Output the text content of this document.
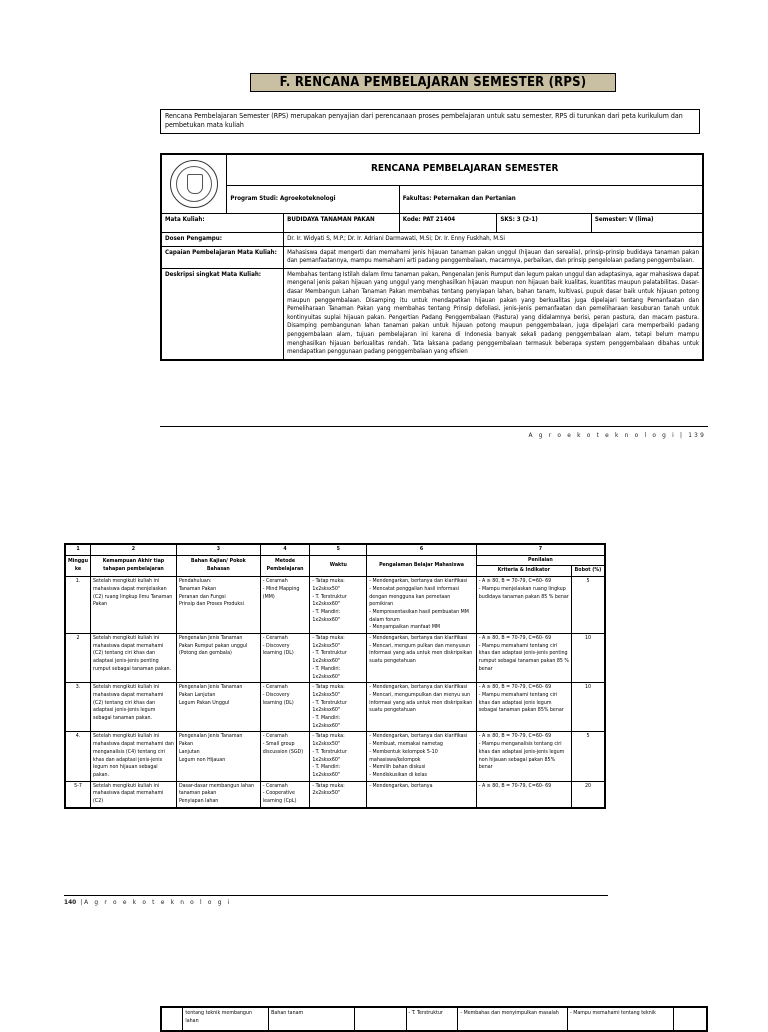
F. RENCANA PEMBELAJARAN SEMESTER (RPS)
Rencana Pembelajaran Semester (RPS) merupakan penyajian dari perencanaan proses pembelajaran untuk satu semester. RPS di turunkan dari peta kurikulum dan pembetukan mata kuliah
	RENCANA PEMBELAJARAN SEMESTER				
	Program Studi: Agroekoteknologi		Fakultas: Peternakan dan Pertanian		
Mata Kuliah:		BUDIDAYA TANAMAN PAKAN	Kode: PAT 21404	SKS: 3 (2-1)	Semester: V (lima)
Dosen Pengampu:		Dr. Ir. Widyati S, M.P.; Dr. Ir. Adriani Darmawati, M.Si; Dr. Ir. Enny Fuskhah, M.Si			
Capaian Pembelajaran Mata Kuliah:		Mahasiswa dapat mengerti dan memahami jenis hijauan tanaman pakan unggul (hijauan dan serealia), prinsip-prinsip budidaya tanaman pakan dan pemanfaatannya, mampu memahami arti padang penggembalaan, macamnya, perbaikan, dan prinsip pengelolaan padang penggembalaan.			
Deskripsi singkat Mata Kuliah:		Membahas tentang Istilah dalam Ilmu tanaman pakan, Pengenalan Jenis Rumput dan legum pakan unggul dan adaptasinya, agar mahasiswa dapat mengenal jenis pakan hijauan yang unggul yang menghasilkan hijauan maupun non hijauan baik kualitas, kuantitas maupun palatabilitas. Dasar-dasar Membangun Lahan Tanaman Pakan membahas tentang penyiapan lahan, bahan tanam, kultivasi, pupuk dasar baik untuk hijauan potong maupun penggembalaan. Disamping itu untuk mendapatkan hijauan pakan yang berkualitas juga dipelajari tentang Pemanfaatan dan Pemeliharaan Tanaman Pakan yang membahas tentang Prinsip defoliasi, jenis-jenis pemanfaatan dan pemeliharaan kesuburan tanah untuk kontinyuitas suplai hijauan pakan. Pengertian Padang Penggembalaan (Pastura) yang didalamnya berisi, peran pastura, dan macam pastura. Disamping pembangunan lahan tanaman pakan untuk hijauan potong maupun penggembalaan, juga dipelajari cara memperbaiki padang penggembalaan alam, tujuan pembelajaran ini karena di Indonesia banyak sekali padang penggembalaan alam, tetapi belum mampu menghasilkan hijauan berkualitas rendah. Tata laksana padang penggembalaan termasuk beberapa system penggembalaan dibahas untuk mendapatkan penggunaan padang penggembalaan yang efisien			
A g r o e k o t e k n o l o g i | 139
1	2	3	4	5	6	7	
Minggu ke	Kemampuan Akhir tiap tahapan pembelajaran	Bahan Kajian/ Pokok Bahasan	Metode Pembelajaran	Waktu	Pengalaman Belajar Mahasiswa	Penilaian	
						Kriteria & Indikator	Bobot (%)
1.	Setelah mengikuti kuliah ini mahasiswa dapat menjelaskan (C2) ruang lingkup Ilmu Tanaman Pakan	Pendahuluan:
Tanaman Pakan
Peranan dan Fungsi
Prinsip dan Proses Produksi	- Ceramah
- Mind Mapping (MM)	- Tatap muka: 1x2sksx50"
- T. Terstruktur 1x2sksx60"
- T. Mandiri: 1x2sksx60"	- Mendengarkan, bertanya dan klarifikasi
- Mencatat penggalian hasil informasi dengan mengguna kan pemetaan pemikiran
- Mempresentasikan hasil pembuatan MM dalam forum
- Menyampaikan manfaat MM	- A ≥ 80, B = 70-79, C=60- 69
- Mampu menjelaskan ruang lingkup budidaya tanaman pakan 85 % benar	5
2	Setelah mengikuti kuliah ini mahasiswa dapat memahami (C2) tentang ciri khas dan adaptasi jenis-jenis penting rumput sebagai tanaman pakan.	Pengenalan Jenis Tanaman Pakan Rumput pakan unggul (Potong dan gembala)	- Ceramah
- Discovery learning (DL)	- Tatap muka: 1x2sksx50"
- T. Terstruktur 1x2sksx60"
- T. Mandiri: 1x2sksx60"	- Mendengarkan, bertanya dan klarifikasi
- Mencari, mengum pulkan dan menyusun informasi yang ada untuk men diskripsikan suatu pengetahuan	- A ≥ 80, B = 70-79, C=60- 69
- Mampu memahami tentang ciri khas dan adaptasi jenis-jenis penting rumput sebagai tanaman pakan 85 % benar	10
3.	Setelah mengikuti kuliah ini mahasiswa dapat memahami (C2) tentang ciri khas dan adaptasi jenis-jenis legum sebagai tanaman pakan.	Pengenalan Jenis Tanaman Pakan Lanjutan
Legum Pakan Unggul	- Ceramah
- Discovery learning (DL)	- Tatap muka: 1x2sksx50"
- T. Terstruktur 1x2sksx60"
- T. Mandiri: 1x2sksx60"	- Mendengarkan, bertanya dan klarifikasi
- Mencari, mengumpulkan dan menyu sun informasi yang ada untuk men diskripsikan suatu pengetahuan	- A ≥ 80, B = 70-79, C=60- 69
- Mampu memahami tentang ciri khas dan adaptasi jenis legum sebagai tanaman pakan 85% benar	10
4.	Setelah mengikuti kuliah ini mahasiswa dapat memahami dan menganalisis (C4) tentang ciri khas dan adaptasi jenis-jenis legum non hijauan sebagai pakan.	Pengenalan Jenis Tanaman Pakan
Lanjutan
Legum non Hijauan	- Ceramah
- Small group discussion (SGD)	- Tatap muka: 1x2sksx50"
- T. Terstruktur 1x2sksx60"
- T. Mandiri: 1x2sksx60"	- Mendengarkan, bertanya dan klarifikasi
- Membuat, memakai nametag
- Membentuk kelompok 5-10 mahasiswa/kelompok
- Memilih bahan diskusi
- Mendiskusikan di kelas	- A ≥ 80, B = 70-79, C=60- 69
- Mampu menganalisis tentang ciri khas dan adaptasi jenis-jenis legum non hijauan sebagai pakan 85% benar	5
5-7	Setelah mengikuti kuliah ini mahasiswa dapat memahami (C2)	Dasar-dasar membangun lahan tanaman pakan
Penyiapan lahan	- Ceramah
- Cooperative learning (CpL)	- Tatap muka: 2x2sksx50"	- Mendengarkan, bertanya	- A ≥ 80, B = 70-79, C=60- 69	20
140 | A g r o e k o t e k n o l o g i
	tentang teknik membangun lahan	Bahan tanam		- T. Terstruktur	- Membahas dan menyimpulkan masalah	- Mampu memahami tentang teknik	
